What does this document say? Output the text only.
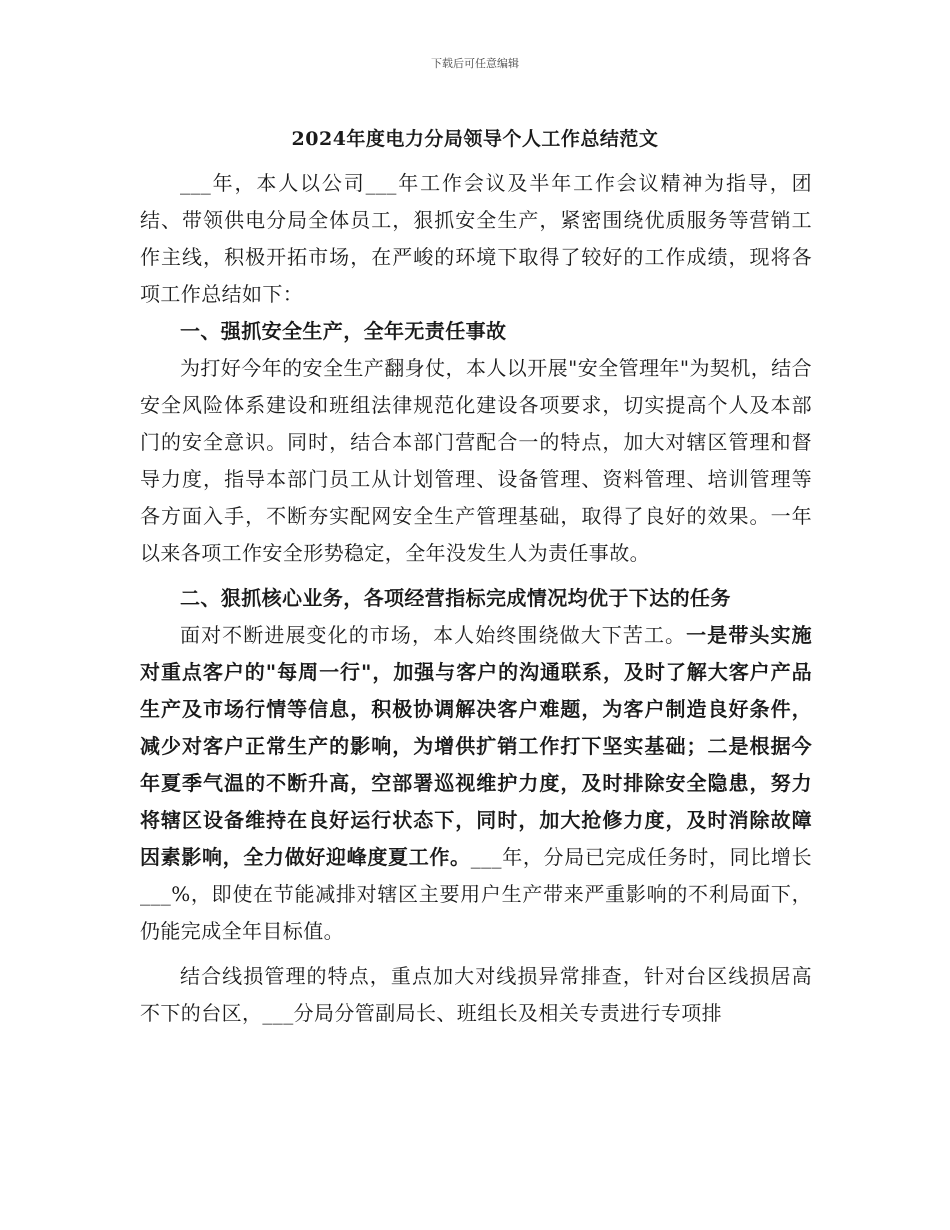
下载后可任意编辑
2024年度电力分局领导个人工作总结范文

___年，本人以公司___年工作会议及半年工作会议精神为指导，团结、带领供电分局全体员工，狠抓安全生产，紧密围绕优质服务等营销工作主线，积极开拓市场，在严峻的环境下取得了较好的工作成绩，现将各项工作总结如下：

一、强抓安全生产，全年无责任事故

为打好今年的安全生产翻身仗，本人以开展"安全管理年"为契机，结合安全风险体系建设和班组法律规范化建设各项要求，切实提高个人及本部门的安全意识。同时，结合本部门营配合一的特点，加大对辖区管理和督导力度，指导本部门员工从计划管理、设备管理、资料管理、培训管理等各方面入手，不断夯实配网安全生产管理基础，取得了良好的效果。一年以来各项工作安全形势稳定，全年没发生人为责任事故。

二、狠抓核心业务，各项经营指标完成情况均优于下达的任务

面对不断进展变化的市场，本人始终围绕做大下苦工。一是带头实施对重点客户的"每周一行"，加强与客户的沟通联系，及时了解大客户产品生产及市场行情等信息，积极协调解决客户难题，为客户制造良好条件，减少对客户正常生产的影响，为增供扩销工作打下坚实基础；二是根据今年夏季气温的不断升高，空部署巡视维护力度，及时排除安全隐患，努力将辖区设备维持在良好运行状态下，同时，加大抢修力度，及时消除故障因素影响，全力做好迎峰度夏工作。___年，分局已完成任务时，同比增长___%，即使在节能减排对辖区主要用户生产带来严重影响的不利局面下，仍能完成全年目标值。

结合线损管理的特点，重点加大对线损异常排查，针对台区线损居高不下的台区，___分局分管副局长、班组长及相关专责进行专项排
